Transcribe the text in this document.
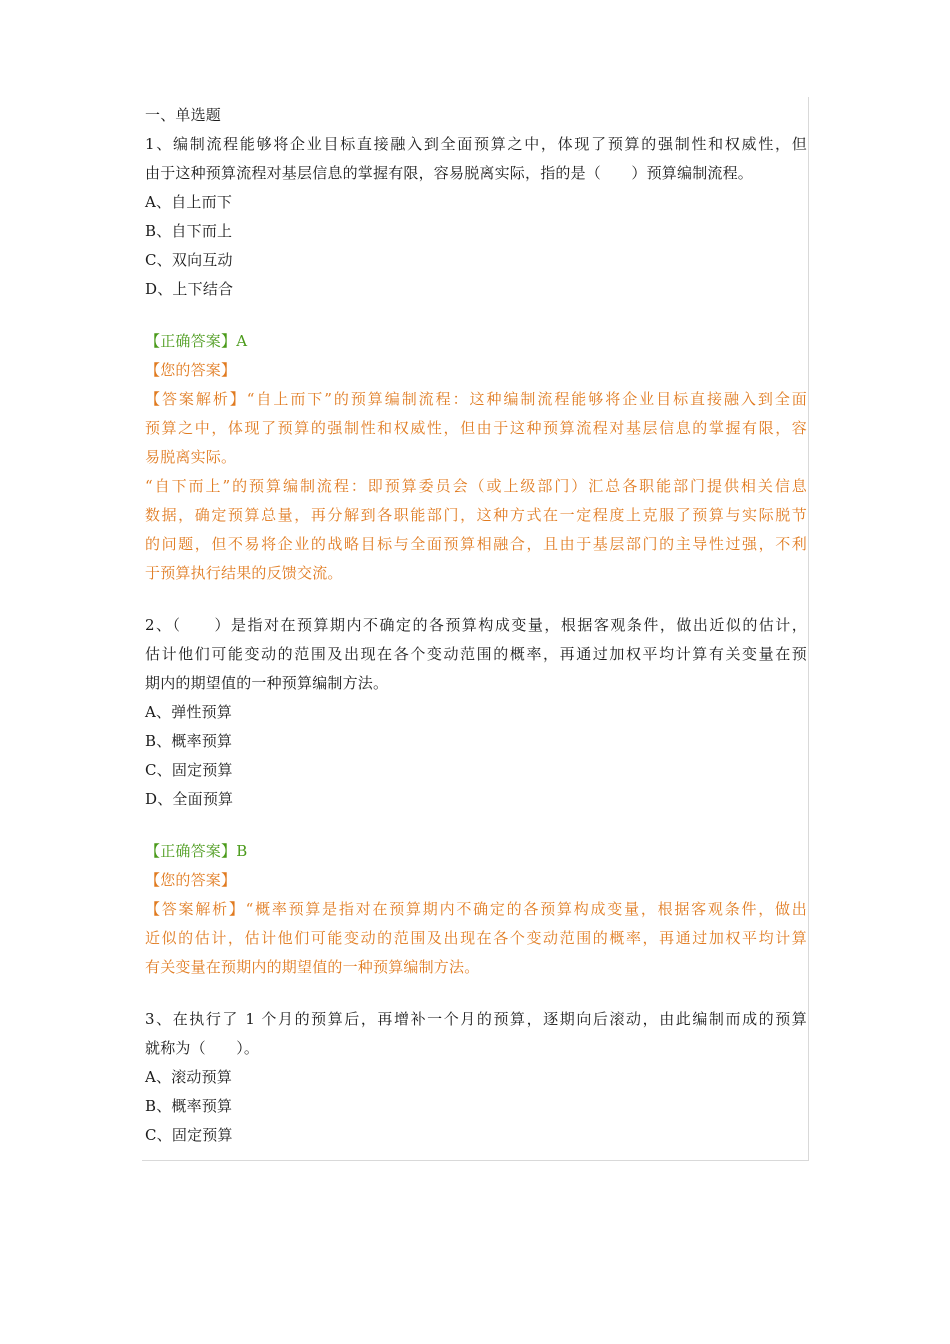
一、单选题
1、编制流程能够将企业目标直接融入到全面预算之中，体现了预算的强制性和权威性，但
由于这种预算流程对基层信息的掌握有限，容易脱离实际，指的是（　　）预算编制流程。
A、自上而下
B、自下而上
C、双向互动
D、上下结合
【正确答案】A
【您的答案】
【答案解析】“自上而下”的预算编制流程：这种编制流程能够将企业目标直接融入到全面
预算之中，体现了预算的强制性和权威性，但由于这种预算流程对基层信息的掌握有限，容
易脱离实际。
“自下而上”的预算编制流程：即预算委员会（或上级部门）汇总各职能部门提供相关信息
数据，确定预算总量，再分解到各职能部门，这种方式在一定程度上克服了预算与实际脱节
的问题，但不易将企业的战略目标与全面预算相融合，且由于基层部门的主导性过强，不利
于预算执行结果的反馈交流。
2、（　　）是指对在预算期内不确定的各预算构成变量，根据客观条件，做出近似的估计，
估计他们可能变动的范围及出现在各个变动范围的概率，再通过加权平均计算有关变量在预
期内的期望值的一种预算编制方法。
A、弹性预算
B、概率预算
C、固定预算
D、全面预算
【正确答案】B
【您的答案】
【答案解析】“概率预算是指对在预算期内不确定的各预算构成变量，根据客观条件，做出
近似的估计，估计他们可能变动的范围及出现在各个变动范围的概率，再通过加权平均计算
有关变量在预期内的期望值的一种预算编制方法。
3、在执行了 1 个月的预算后，再增补一个月的预算，逐期向后滚动，由此编制而成的预算
就称为（　　）。
A、滚动预算
B、概率预算
C、固定预算
